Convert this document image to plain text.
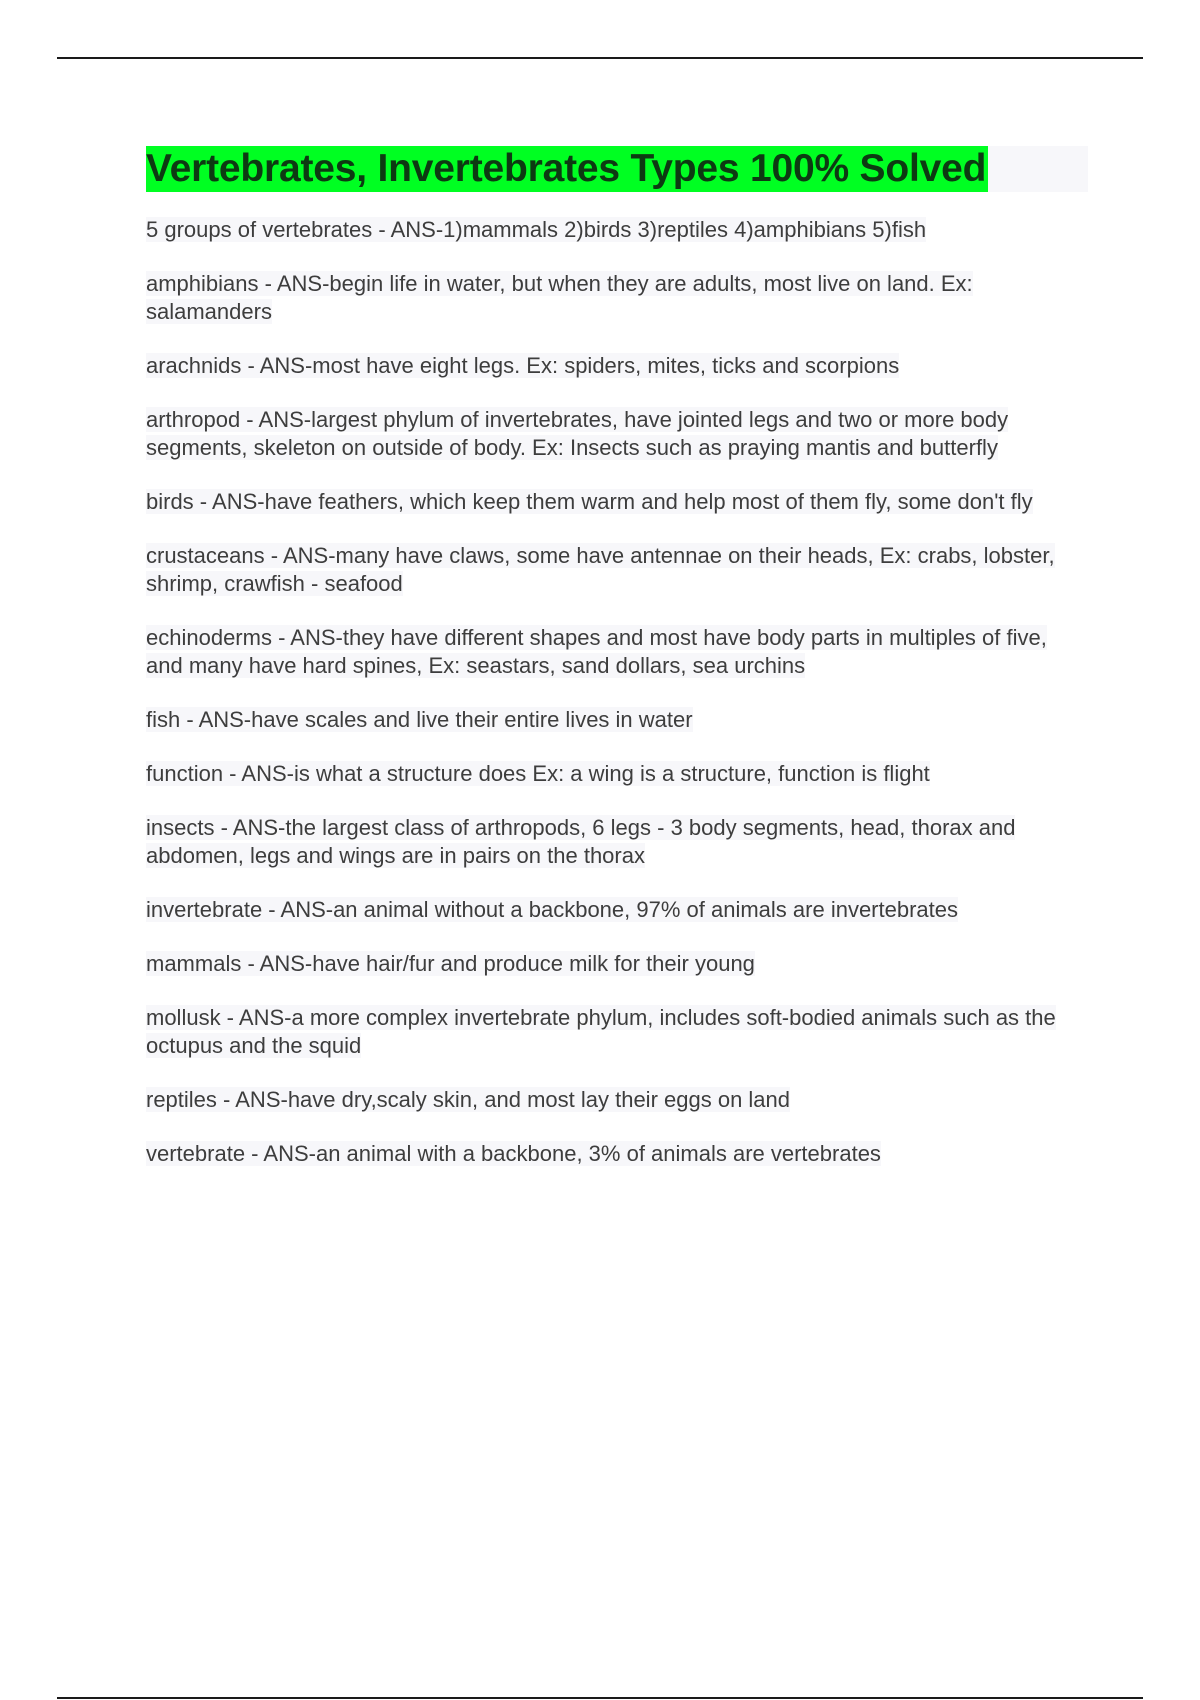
Vertebrates, Invertebrates Types 100% Solved
5 groups of vertebrates - ANS-1)mammals 2)birds 3)reptiles 4)amphibians 5)fish
amphibians - ANS-begin life in water, but when they are adults, most live on land. Ex: salamanders
arachnids - ANS-most have eight legs. Ex: spiders, mites, ticks and scorpions
arthropod - ANS-largest phylum of invertebrates, have jointed legs and two or more body segments, skeleton on outside of body. Ex: Insects such as praying mantis and butterfly
birds - ANS-have feathers, which keep them warm and help most of them fly, some don't fly
crustaceans - ANS-many have claws, some have antennae on their heads, Ex: crabs, lobster, shrimp, crawfish - seafood
echinoderms - ANS-they have different shapes and most have body parts in multiples of five, and many have hard spines, Ex: seastars, sand dollars, sea urchins
fish - ANS-have scales and live their entire lives in water
function - ANS-is what a structure does Ex: a wing is a structure, function is flight
insects - ANS-the largest class of arthropods, 6 legs - 3 body segments, head, thorax and abdomen, legs and wings are in pairs on the thorax
invertebrate - ANS-an animal without a backbone, 97% of animals are invertebrates
mammals - ANS-have hair/fur and produce milk for their young
mollusk - ANS-a more complex invertebrate phylum, includes soft-bodied animals such as the octupus and the squid
reptiles - ANS-have dry,scaly skin, and most lay their eggs on land
vertebrate - ANS-an animal with a backbone, 3% of animals are vertebrates
